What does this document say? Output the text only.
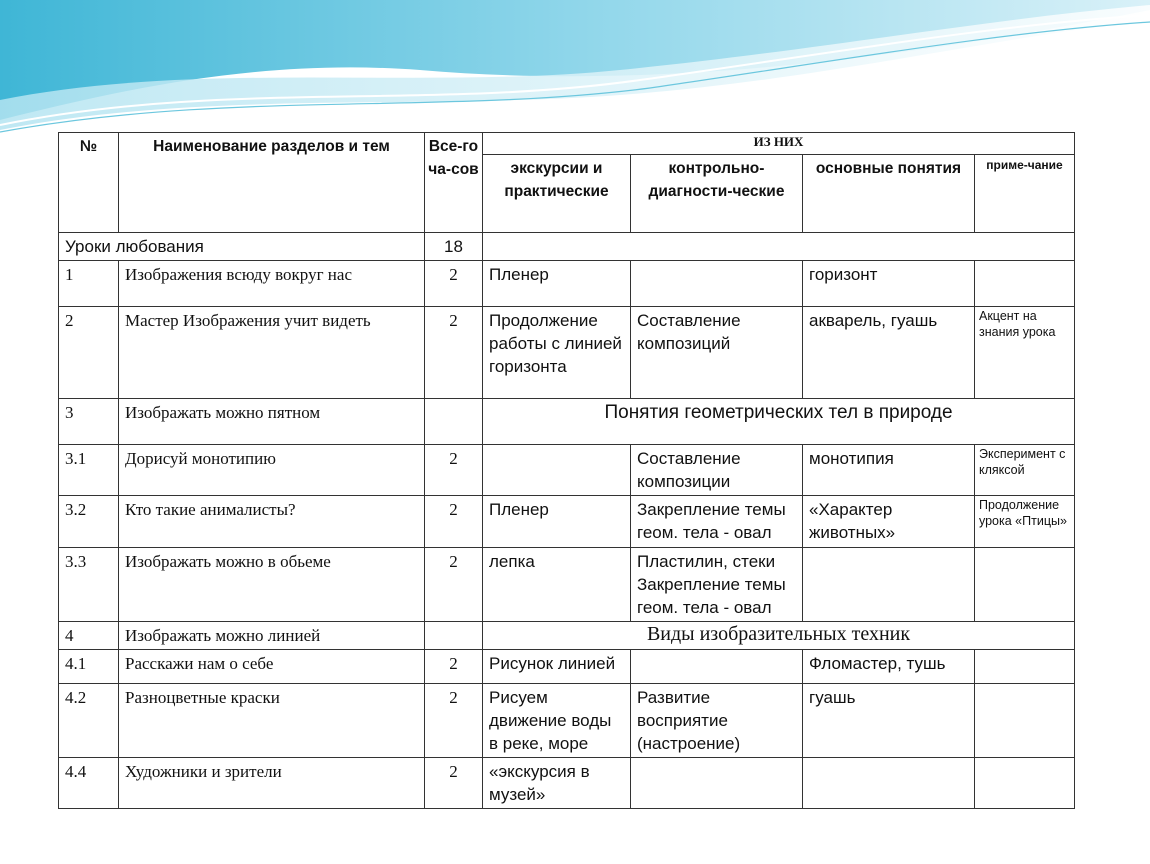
№	Наименование разделов и тем	Все-го ча-сов	ИЗ НИХ			
			экскурсии и практические	контрольно-диагности-ческие	основные понятия	приме-чание
Уроки любования		18				
1	Изображения всюду вокруг нас	2	Пленер		горизонт	
2	Мастер Изображения учит видеть	2	Продолжение работы с линией горизонта	Составление композиций	акварель, гуашь	Акцент на знания урока
3	Изображать можно пятном		Понятия геометрических тел в природе			
3.1	Дорисуй монотипию	2		Составление композиции	монотипия	Эксперимент с кляксой
3.2	Кто такие анималисты?	2	Пленер	Закрепление темы геом. тела - овал	«Характер животных»	Продолжение урока «Птицы»
3.3	Изображать можно в обьеме	2	лепка	Пластилин, стеки Закрепление темы геом. тела - овал		
4	Изображать можно линией		Виды изобразительных техник			
4.1	Расскажи нам о себе	2	Рисунок линией		Фломастер, тушь	
4.2	Разноцветные краски	2	Рисуем движение воды в реке, море	Развитие восприятие (настроение)	гуашь	
4.4	Художники и зрители	2	«экскурсия в музей»			
